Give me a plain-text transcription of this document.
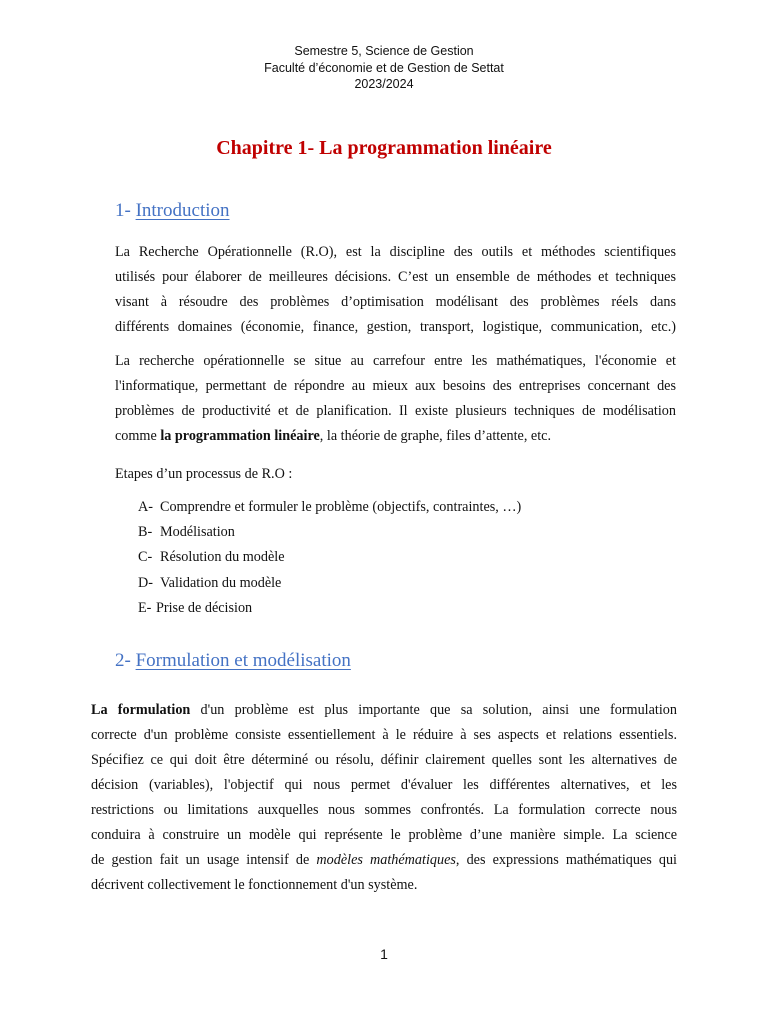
Semestre 5, Science de Gestion
Faculté d’économie et de Gestion de Settat
2023/2024
Chapitre 1- La programmation linéaire
1- Introduction
La Recherche Opérationnelle (R.O), est la discipline des outils et méthodes scientifiques
utilisés pour élaborer de meilleures décisions. C’est un ensemble de méthodes et techniques
visant à résoudre des problèmes d’optimisation modélisant des problèmes réels dans
différents domaines (économie, finance, gestion, transport, logistique, communication, etc.)
La recherche opérationnelle se situe au carrefour entre les mathématiques, l'économie et
l'informatique, permettant de répondre au mieux aux besoins des entreprises concernant des
problèmes de productivité et de planification. Il existe plusieurs techniques de modélisation
comme la programmation linéaire, la théorie de graphe, files d’attente, etc.
Etapes d’un processus de R.O :
A- Comprendre et formuler le problème (objectifs, contraintes, …)
B- Modélisation
C- Résolution du modèle
D- Validation du modèle
E- Prise de décision
2- Formulation et modélisation
La formulation d'un problème est plus importante que sa solution, ainsi une formulation
correcte d'un problème consiste essentiellement à le réduire à ses aspects et relations essentiels.
Spécifiez ce qui doit être déterminé ou résolu, définir clairement quelles sont les alternatives de
décision (variables), l'objectif qui nous permet d'évaluer les différentes alternatives, et les
restrictions ou limitations auxquelles nous sommes confrontés. La formulation correcte nous
conduira à construire un modèle qui représente le problème d’une manière simple. La science
de gestion fait un usage intensif de modèles mathématiques, des expressions mathématiques qui
décrivent collectivement le fonctionnement d'un système.
1
